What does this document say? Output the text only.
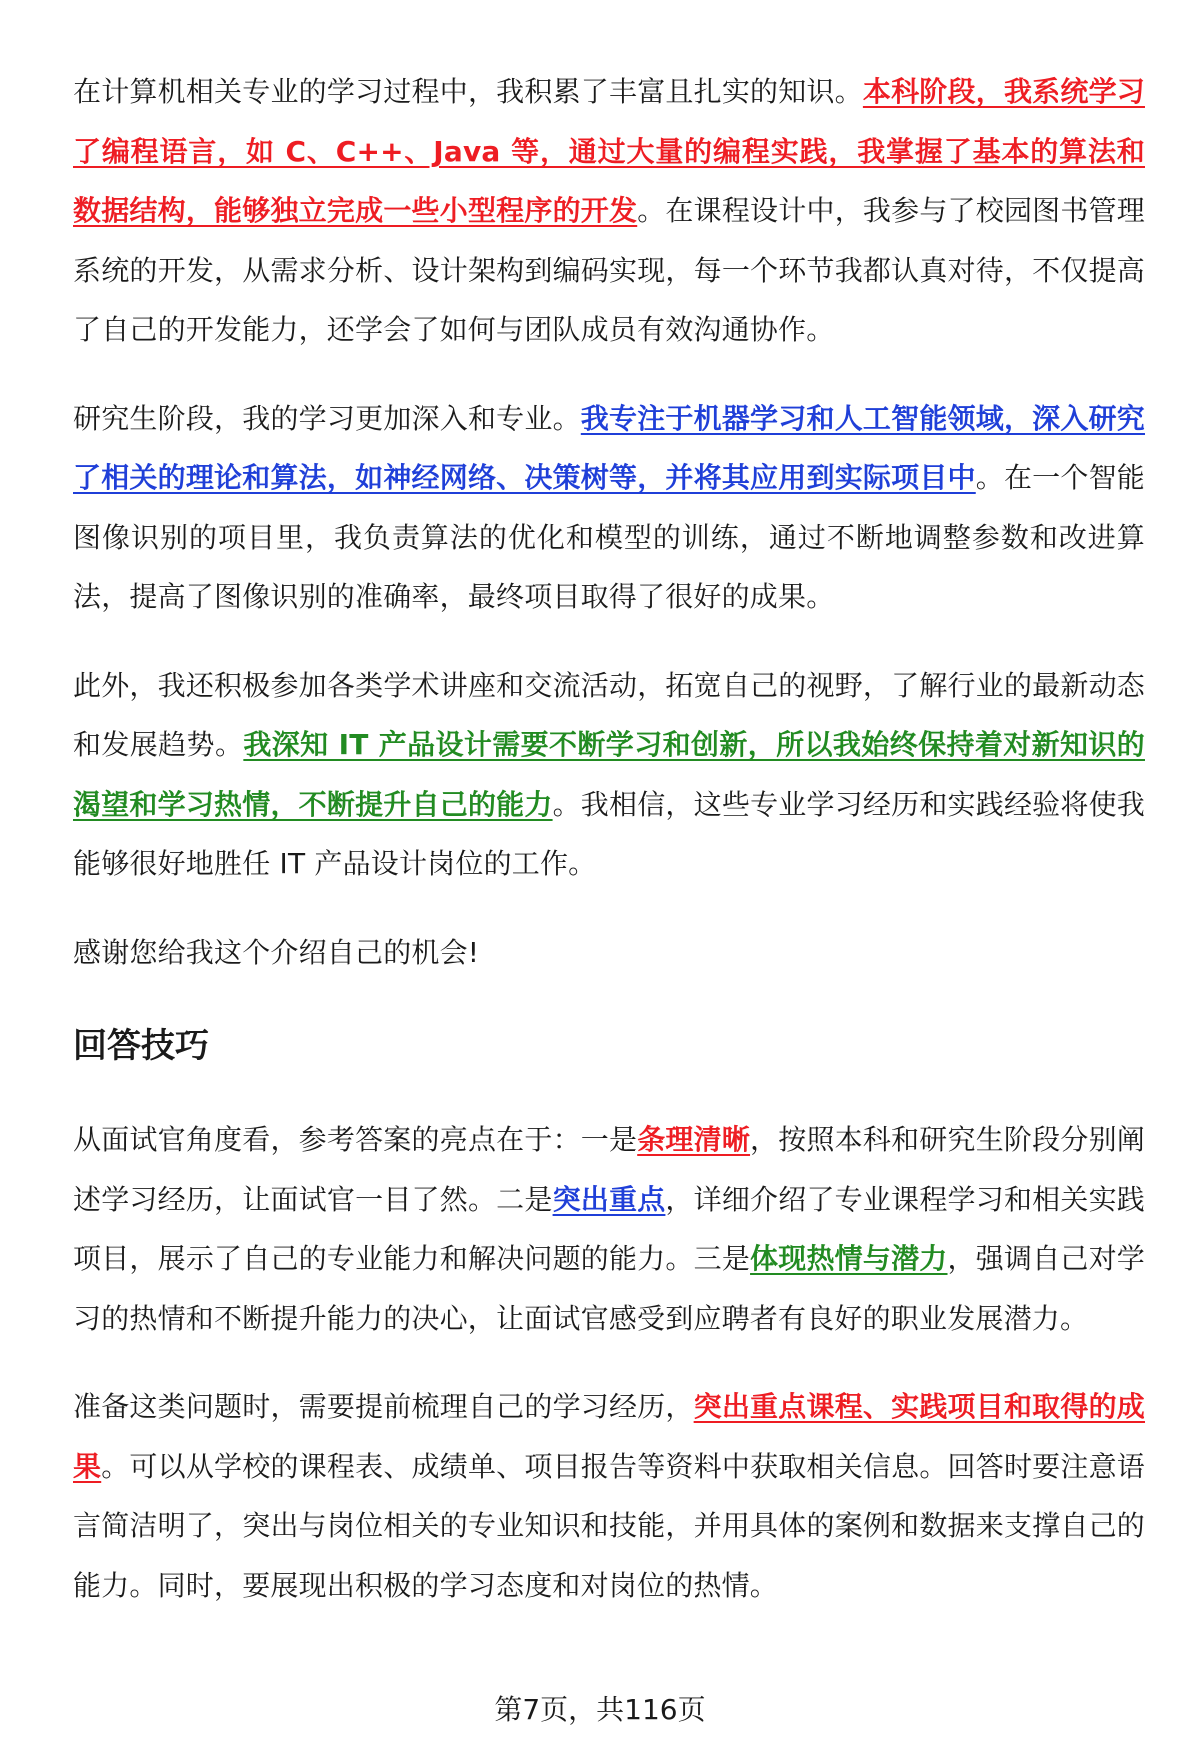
在计算机相关专业的学习过程中，我积累了丰富且扎实的知识。本科阶段，我系统学习了编程语言，如 C、C++、Java 等，通过大量的编程实践，我掌握了基本的算法和数据结构，能够独立完成一些小型程序的开发。在课程设计中，我参与了校园图书管理系统的开发，从需求分析、设计架构到编码实现，每一个环节我都认真对待，不仅提高了自己的开发能力，还学会了如何与团队成员有效沟通协作。

研究生阶段，我的学习更加深入和专业。我专注于机器学习和人工智能领域，深入研究了相关的理论和算法，如神经网络、决策树等，并将其应用到实际项目中。在一个智能图像识别的项目里，我负责算法的优化和模型的训练，通过不断地调整参数和改进算法，提高了图像识别的准确率，最终项目取得了很好的成果。

此外，我还积极参加各类学术讲座和交流活动，拓宽自己的视野，了解行业的最新动态和发展趋势。我深知 IT 产品设计需要不断学习和创新，所以我始终保持着对新知识的渴望和学习热情，不断提升自己的能力。我相信，这些专业学习经历和实践经验将使我能够很好地胜任 IT 产品设计岗位的工作。

感谢您给我这个介绍自己的机会!

回答技巧

从面试官角度看，参考答案的亮点在于：一是条理清晰，按照本科和研究生阶段分别阐述学习经历，让面试官一目了然。二是突出重点，详细介绍了专业课程学习和相关实践项目，展示了自己的专业能力和解决问题的能力。三是体现热情与潜力，强调自己对学习的热情和不断提升能力的决心，让面试官感受到应聘者有良好的职业发展潜力。

准备这类问题时，需要提前梳理自己的学习经历，突出重点课程、实践项目和取得的成果。可以从学校的课程表、成绩单、项目报告等资料中获取相关信息。回答时要注意语言简洁明了，突出与岗位相关的专业知识和技能，并用具体的案例和数据来支撑自己的能力。同时，要展现出积极的学习态度和对岗位的热情。

第7页，共116页
